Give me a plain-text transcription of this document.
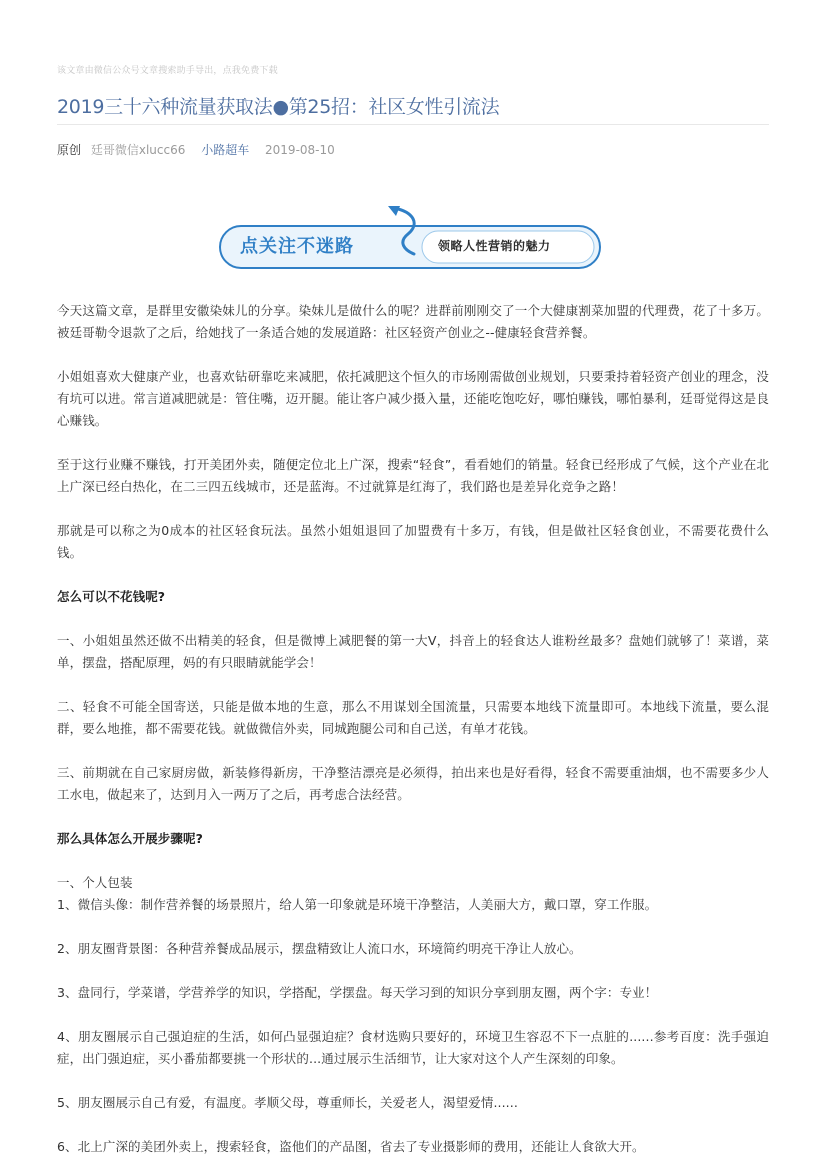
该文章由微信公众号文章搜索助手导出，点我免费下载
2019三十六种流量获取法●第25招：社区女性引流法
原创 廷哥微信xlucc66 小路超车 2019-08-10
点关注不迷路	领略人性营销的魅力

今天这篇文章，是群里安徽染妹儿的分享。染妹儿是做什么的呢？进群前刚刚交了一个大健康割菜加盟的代理费，花了十多万。被廷哥勒令退款了之后，给她找了一条适合她的发展道路：社区轻资产创业之--健康轻食营养餐。

小姐姐喜欢大健康产业，也喜欢钻研靠吃来减肥，依托减肥这个恒久的市场刚需做创业规划，只要秉持着轻资产创业的理念，没有坑可以进。常言道减肥就是：管住嘴，迈开腿。能让客户减少摄入量，还能吃饱吃好，哪怕赚钱，哪怕暴利，廷哥觉得这是良心赚钱。

至于这行业赚不赚钱，打开美团外卖，随便定位北上广深，搜索“轻食”，看看她们的销量。轻食已经形成了气候，这个产业在北上广深已经白热化，在二三四五线城市，还是蓝海。不过就算是红海了，我们路也是差异化竞争之路！

那就是可以称之为0成本的社区轻食玩法。虽然小姐姐退回了加盟费有十多万，有钱，但是做社区轻食创业，不需要花费什么钱。

怎么可以不花钱呢?

一、小姐姐虽然还做不出精美的轻食，但是微博上减肥餐的第一大V，抖音上的轻食达人谁粉丝最多？盘她们就够了！菜谱，菜单，摆盘，搭配原理，妈的有只眼睛就能学会！

二、轻食不可能全国寄送，只能是做本地的生意，那么不用谋划全国流量，只需要本地线下流量即可。本地线下流量，要么混群，要么地推，都不需要花钱。就做微信外卖，同城跑腿公司和自己送，有单才花钱。

三、前期就在自己家厨房做，新装修得新房，干净整洁漂亮是必须得，拍出来也是好看得，轻食不需要重油烟，也不需要多少人工水电，做起来了，达到月入一两万了之后，再考虑合法经营。

那么具体怎么开展步骤呢?

一、个人包装

1、微信头像：制作营养餐的场景照片，给人第一印象就是环境干净整洁，人美丽大方，戴口罩，穿工作服。

2、朋友圈背景图：各种营养餐成品展示，摆盘精致让人流口水，环境简约明亮干净让人放心。

3、盘同行，学菜谱，学营养学的知识，学搭配，学摆盘。每天学习到的知识分享到朋友圈，两个字：专业！

4、朋友圈展示自己强迫症的生活，如何凸显强迫症？食材选购只要好的，环境卫生容忍不下一点脏的......参考百度：洗手强迫症，出门强迫症，买小番茄都要挑一个形状的...通过展示生活细节，让大家对这个人产生深刻的印象。

5、朋友圈展示自己有爱，有温度。孝顺父母，尊重师长，关爱老人，渴望爱情......

6、北上广深的美团外卖上，搜索轻食，盗他们的产品图，省去了专业摄影师的费用，还能让人食欲大开。
